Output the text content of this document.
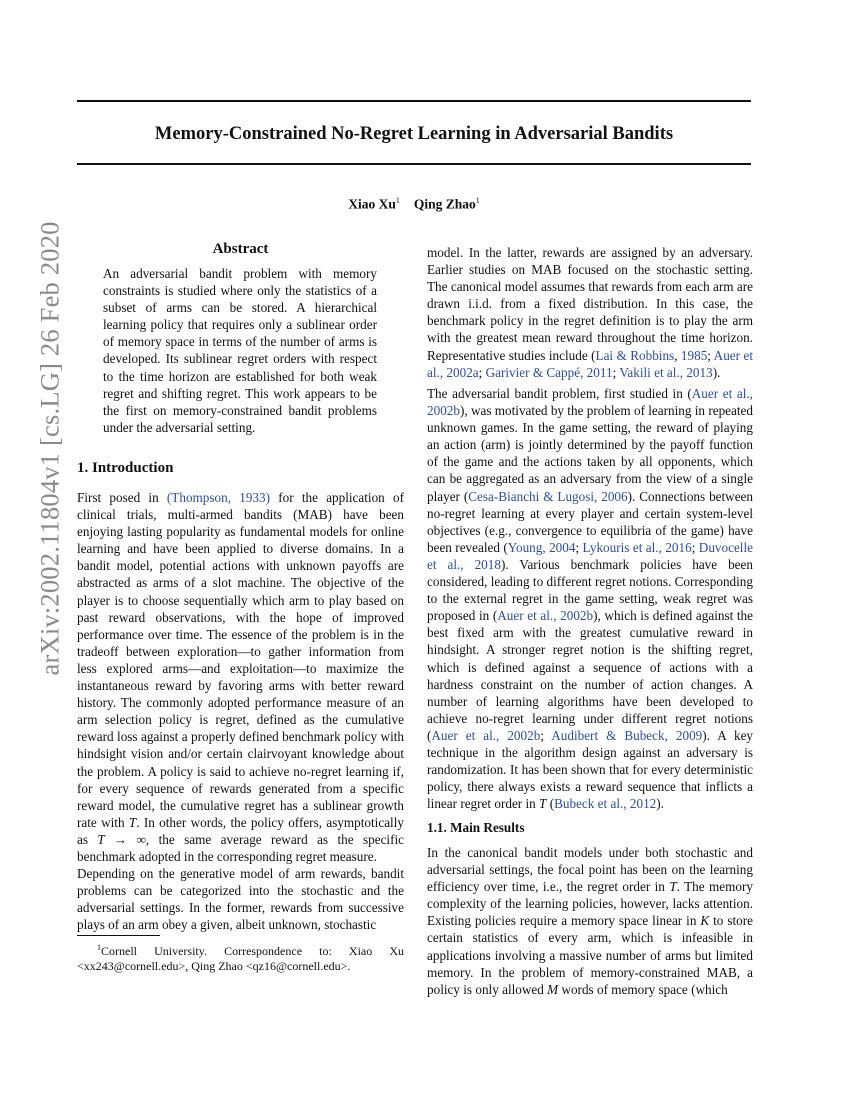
Memory-Constrained No-Regret Learning in Adversarial Bandits
Xiao Xu$^1$ Qing Zhao$^1$
arXiv:2002.11804v1 [cs.LG] 26 Feb 2020	Abstract
An adversarial bandit problem with memory constraints is studied where only the statistics of a subset of arms can be stored. A hierarchical learning policy that requires only a sublinear order of memory space in terms of the number of arms is developed. Its sublinear regret orders with respect to the time horizon are established for both weak regret and shifting regret. This work appears to be the first on memory-constrained bandit problems under the adversarial setting.
1. Introduction

First posed in (Thompson, 1933) for the application of clinical trials, multi-armed bandits (MAB) have been enjoying lasting popularity as fundamental models for online learning and have been applied to diverse domains. In a bandit model, potential actions with unknown payoffs are abstracted as arms of a slot machine. The objective of the player is to choose sequentially which arm to play based on past reward observations, with the hope of improved performance over time. The essence of the problem is in the tradeoff between exploration—to gather information from less explored arms—and exploitation—to maximize the instantaneous reward by favoring arms with better reward history. The commonly adopted performance measure of an arm selection policy is regret, defined as the cumulative reward loss against a properly defined benchmark policy with hindsight vision and/or certain clairvoyant knowledge about the problem. A policy is said to achieve no-regret learning if, for every sequence of rewards generated from a specific reward model, the cumulative regret has a sublinear growth rate with T. In other words, the policy offers, asymptotically as T → ∞, the same average reward as the specific benchmark adopted in the corresponding regret measure.

Depending on the generative model of arm rewards, bandit problems can be categorized into the stochastic and the adversarial settings. In the former, rewards from successive plays of an arm obey a given, albeit unknown, stochastic

$^1$Cornell University. Correspondence to: Xiao Xu <xx243@cornell.edu>, Qing Zhao <qz16@cornell.edu>.

model. In the latter, rewards are assigned by an adversary. Earlier studies on MAB focused on the stochastic setting. The canonical model assumes that rewards from each arm are drawn i.i.d. from a fixed distribution. In this case, the benchmark policy in the regret definition is to play the arm with the greatest mean reward throughout the time horizon. Representative studies include (Lai & Robbins, 1985; Auer et al., 2002a; Garivier & Cappé, 2011; Vakili et al., 2013).

The adversarial bandit problem, first studied in (Auer et al., 2002b), was motivated by the problem of learning in repeated unknown games. In the game setting, the reward of playing an action (arm) is jointly determined by the payoff function of the game and the actions taken by all opponents, which can be aggregated as an adversary from the view of a single player (Cesa-Bianchi & Lugosi, 2006). Connections between no-regret learning at every player and certain system-level objectives (e.g., convergence to equilibria of the game) have been revealed (Young, 2004; Lykouris et al., 2016; Duvocelle et al., 2018). Various benchmark policies have been considered, leading to different regret notions. Corresponding to the external regret in the game setting, weak regret was proposed in (Auer et al., 2002b), which is defined against the best fixed arm with the greatest cumulative reward in hindsight. A stronger regret notion is the shifting regret, which is defined against a sequence of actions with a hardness constraint on the number of action changes. A number of learning algorithms have been developed to achieve no-regret learning under different regret notions (Auer et al., 2002b; Audibert & Bubeck, 2009). A key technique in the algorithm design against an adversary is randomization. It has been shown that for every deterministic policy, there always exists a reward sequence that inflicts a linear regret order in T (Bubeck et al., 2012).

1.1. Main Results

In the canonical bandit models under both stochastic and adversarial settings, the focal point has been on the learning efficiency over time, i.e., the regret order in T. The memory complexity of the learning policies, however, lacks attention. Existing policies require a memory space linear in K to store certain statistics of every arm, which is infeasible in applications involving a massive number of arms but limited memory. In the problem of memory-constrained MAB, a policy is only allowed M words of memory space (which
